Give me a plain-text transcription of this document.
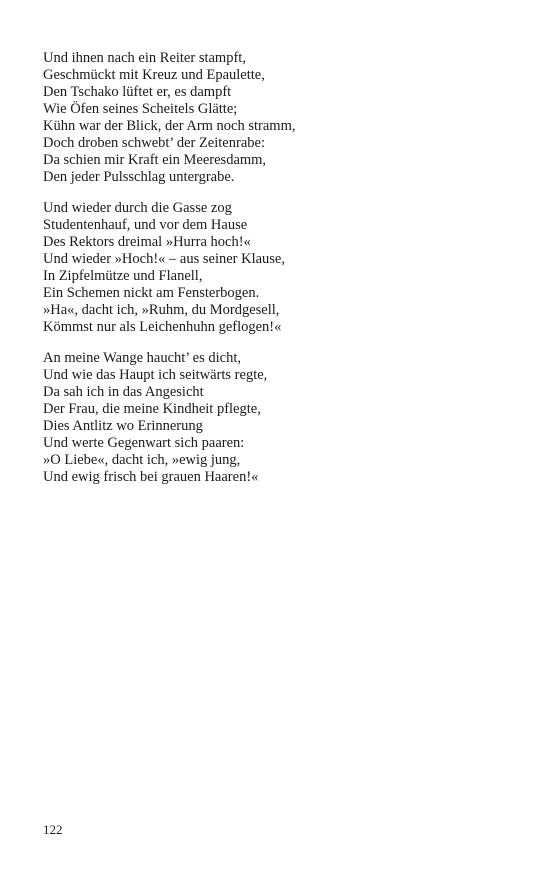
Und ihnen nach ein Reiter stampft,
Geschmückt mit Kreuz und Epaulette,
Den Tschako lüftet er, es dampft
Wie Öfen seines Scheitels Glätte;
Kühn war der Blick, der Arm noch stramm,
Doch droben schwebt’ der Zeitenrabe:
Da schien mir Kraft ein Meeresdamm,
Den jeder Pulsschlag untergrabe.
Und wieder durch die Gasse zog
Studentenhauf, und vor dem Hause
Des Rektors dreimal »Hurra hoch!«
Und wieder »Hoch!« – aus seiner Klause,
In Zipfelmütze und Flanell,
Ein Schemen nickt am Fensterbogen.
»Ha«, dacht ich, »Ruhm, du Mordgesell,
Kömmst nur als Leichenhuhn geflogen!«
An meine Wange haucht’ es dicht,
Und wie das Haupt ich seitwärts regte,
Da sah ich in das Angesicht
Der Frau, die meine Kindheit pflegte,
Dies Antlitz wo Erinnerung
Und werte Gegenwart sich paaren:
»O Liebe«, dacht ich, »ewig jung,
Und ewig frisch bei grauen Haaren!«
122
